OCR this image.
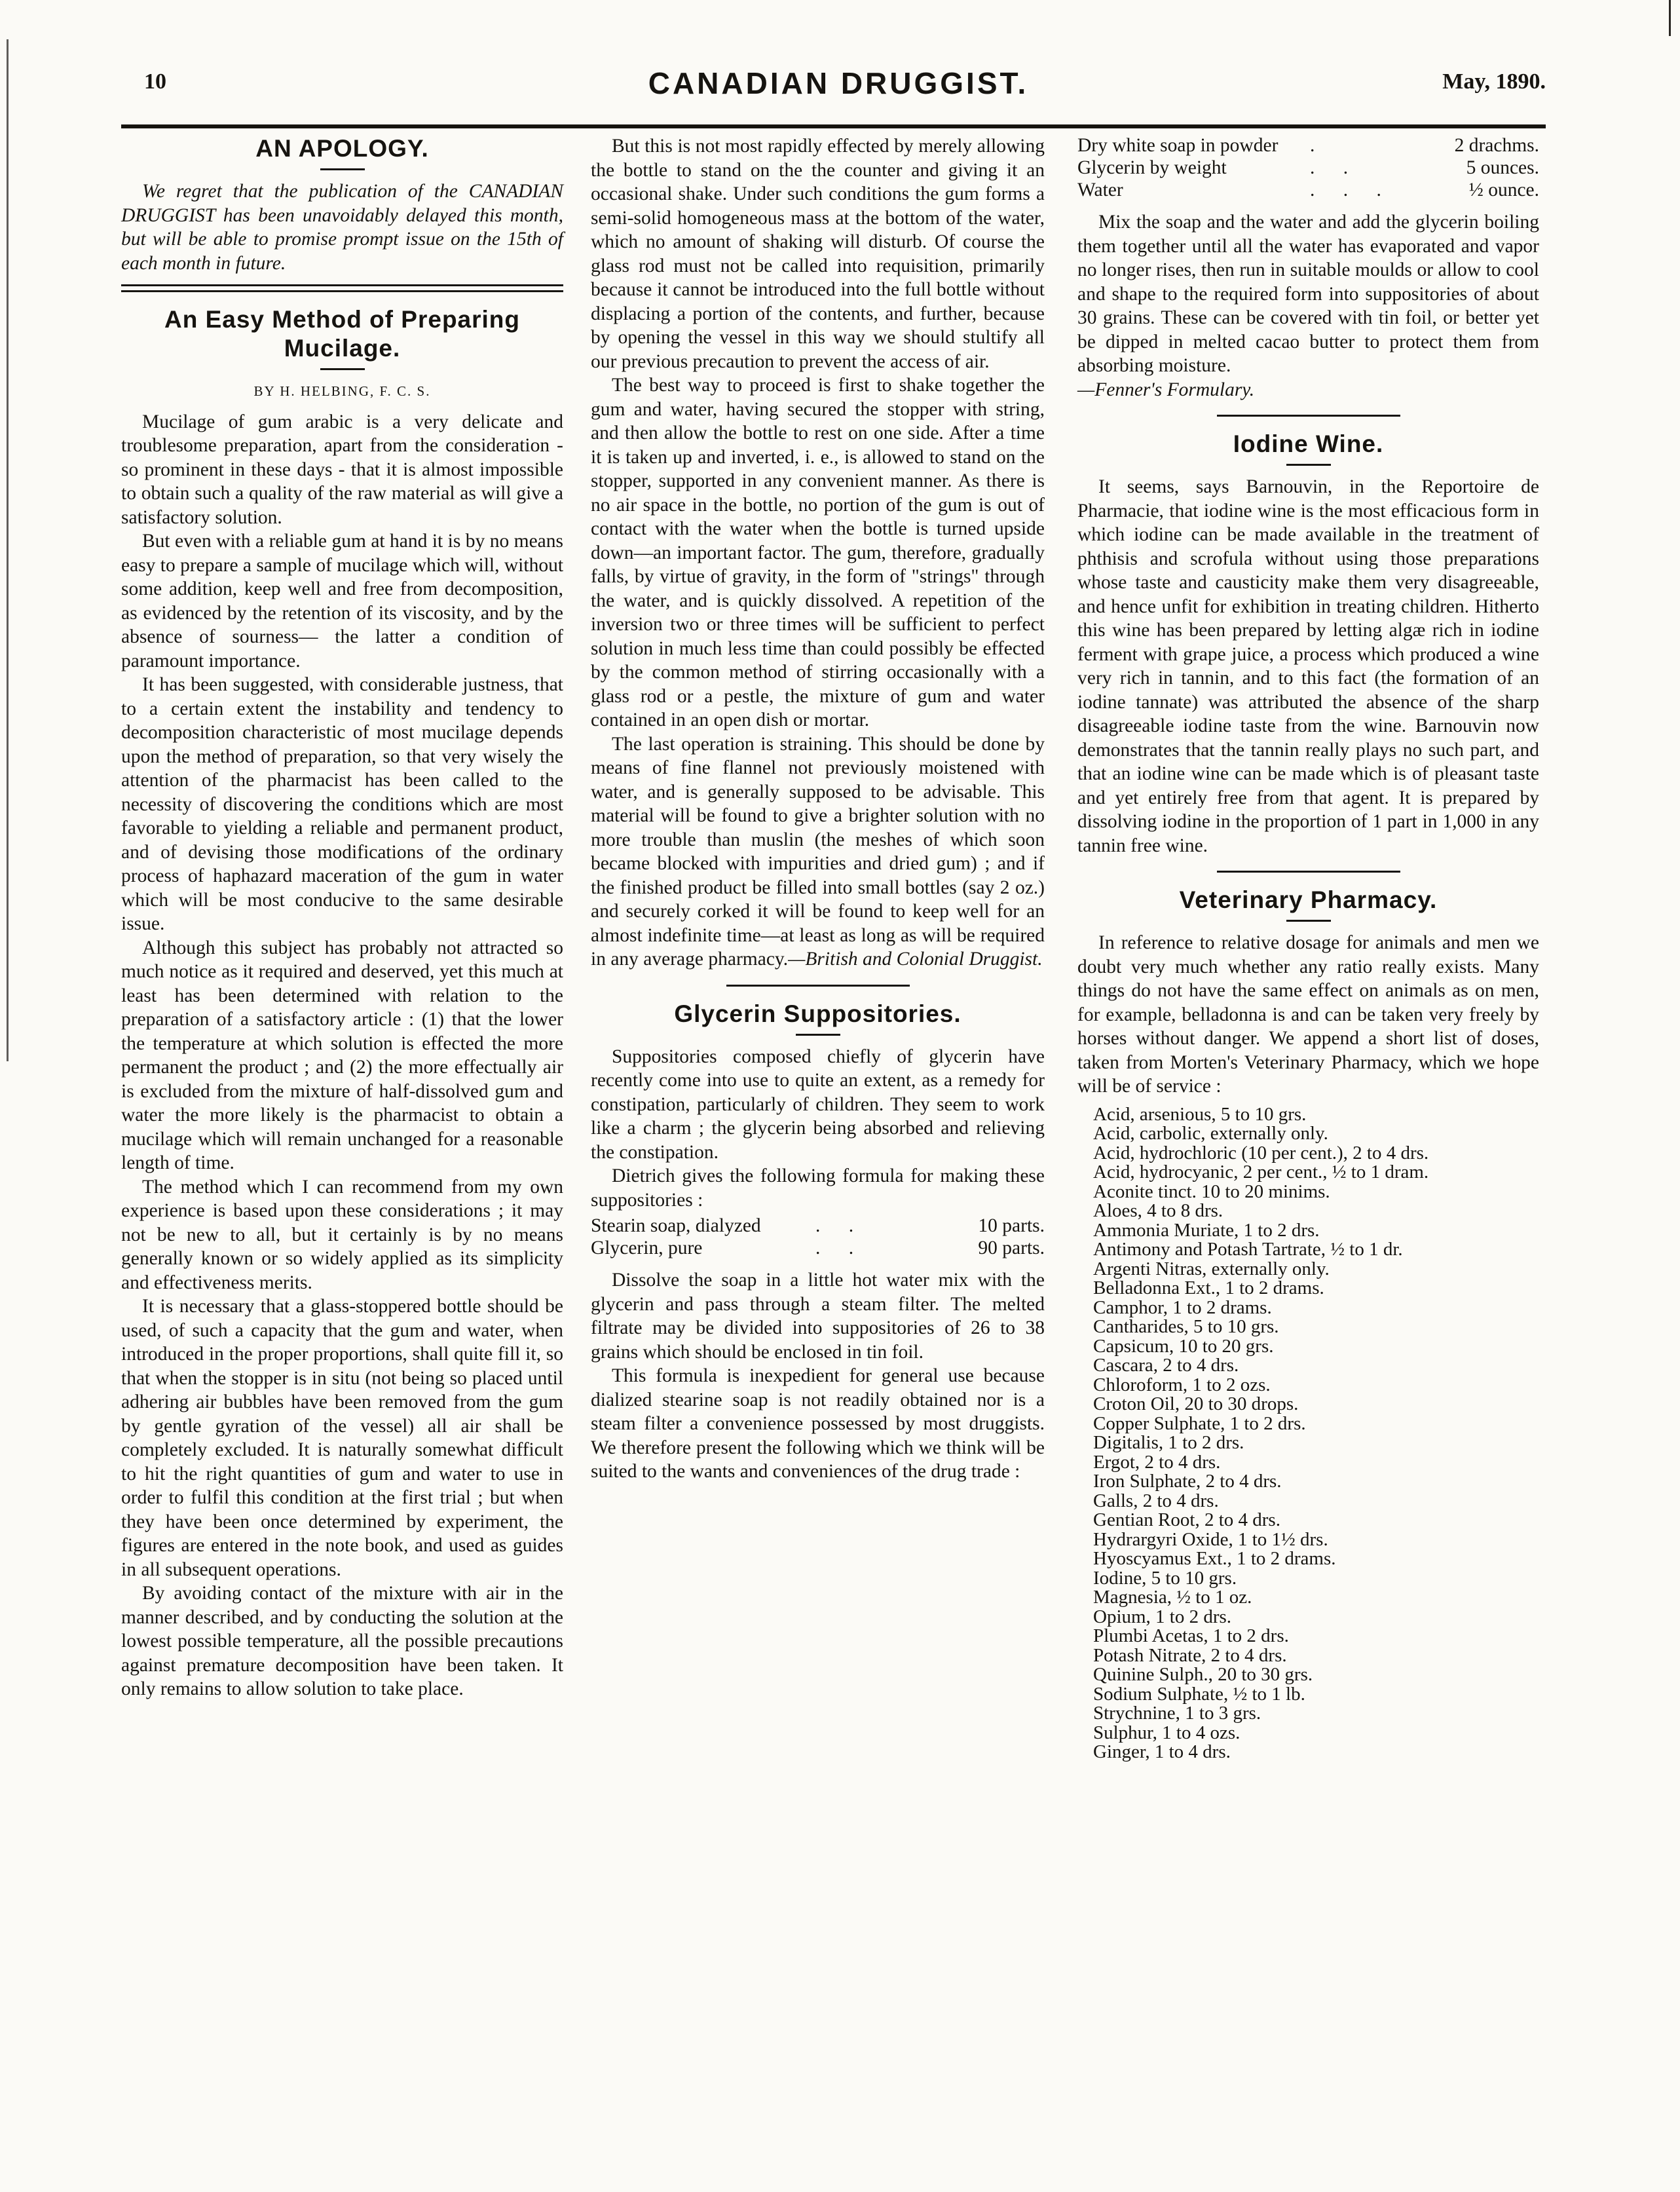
10	CANADIAN DRUGGIST.	May, 1890.
AN APOLOGY.

We regret that the publication of the CANADIAN DRUGGIST has been unavoidably delayed this month, but will be able to promise prompt issue on the 15th of each month in future.

An Easy Method of Preparing Mucilage.
BY H. HELBING, F. C. S.

Mucilage of gum arabic is a very delicate and troublesome preparation, apart from the consideration -so prominent in these days - that it is almost impossible to obtain such a quality of the raw material as will give a satisfactory solution.

But even with a reliable gum at hand it is by no means easy to prepare a sample of mucilage which will, without some addition, keep well and free from decomposition, as evidenced by the retention of its viscosity, and by the absence of sourness— the latter a condition of paramount importance.

It has been suggested, with considerable justness, that to a certain extent the instability and tendency to decomposition characteristic of most mucilage depends upon the method of preparation, so that very wisely the attention of the pharmacist has been called to the necessity of discovering the conditions which are most favorable to yielding a reliable and permanent product, and of devising those modifications of the ordinary process of haphazard maceration of the gum in water which will be most conducive to the same desirable issue.

Although this subject has probably not attracted so much notice as it required and deserved, yet this much at least has been determined with relation to the preparation of a satisfactory article : (1) that the lower the temperature at which solution is effected the more permanent the product ; and (2) the more effectually air is excluded from the mixture of half-dissolved gum and water the more likely is the pharmacist to obtain a mucilage which will remain unchanged for a reasonable length of time.

The method which I can recommend from my own experience is based upon these considerations ; it may not be new to all, but it certainly is by no means generally known or so widely applied as its simplicity and effectiveness merits.

It is necessary that a glass-stoppered bottle should be used, of such a capacity that the gum and water, when introduced in the proper proportions, shall quite fill it, so that when the stopper is in situ (not being so placed until adhering air bubbles have been removed from the gum by gentle gyration of the vessel) all air shall be completely excluded. It is naturally somewhat difficult to hit the right quantities of gum and water to use in order to fulfil this condition at the first trial ; but when they have been once determined by experiment, the figures are entered in the note book, and used as guides in all subsequent operations.

By avoiding contact of the mixture with air in the manner described, and by conducting the solution at the lowest possible temperature, all the possible precautions against premature decomposition have been taken. It only remains to allow solution to take place.

But this is not most rapidly effected by merely allowing the bottle to stand on the the counter and giving it an occasional shake. Under such conditions the gum forms a semi-solid homogeneous mass at the bottom of the water, which no amount of shaking will disturb. Of course the glass rod must not be called into requisition, primarily because it cannot be introduced into the full bottle without displacing a portion of the contents, and further, because by opening the vessel in this way we should stultify all our previous precaution to prevent the access of air.

The best way to proceed is first to shake together the gum and water, having secured the stopper with string, and then allow the bottle to rest on one side. After a time it is taken up and inverted, i. e., is allowed to stand on the stopper, supported in any convenient manner. As there is no air space in the bottle, no portion of the gum is out of contact with the water when the bottle is turned upside down—an important factor. The gum, therefore, gradually falls, by virtue of gravity, in the form of "strings" through the water, and is quickly dissolved. A repetition of the inversion two or three times will be sufficient to perfect solution in much less time than could possibly be effected by the common method of stirring occasionally with a glass rod or a pestle, the mixture of gum and water contained in an open dish or mortar.

The last operation is straining. This should be done by means of fine flannel not previously moistened with water, and is generally supposed to be advisable. This material will be found to give a brighter solution with no more trouble than muslin (the meshes of which soon became blocked with impurities and dried gum) ; and if the finished product be filled into small bottles (say 2 oz.) and securely corked it will be found to keep well for an almost indefinite time—at least as long as will be required in any average pharmacy.—British and Colonial Druggist.

Glycerin Suppositories.

Suppositories composed chiefly of glycerin have recently come into use to quite an extent, as a remedy for constipation, particularly of children. They seem to work like a charm ; the glycerin being absorbed and relieving the constipation.

Dietrich gives the following formula for making these suppositories :

Stearin soap, dialyzed	. .	10 parts.
Glycerin, pure	. .	90 parts.

Dissolve the soap in a little hot water mix with the glycerin and pass through a steam filter. The melted filtrate may be divided into suppositories of 26 to 38 grains which should be enclosed in tin foil.

This formula is inexpedient for general use because dialized stearine soap is not readily obtained nor is a steam filter a convenience possessed by most druggists. We therefore present the following which we think will be suited to the wants and conveniences of the drug trade :

Dry white soap in powder	.	2 drachms.
Glycerin by weight	. .	5 ounces.
Water	. . .	½ ounce.

Mix the soap and the water and add the glycerin boiling them together until all the water has evaporated and vapor no longer rises, then run in suitable moulds or allow to cool and shape to the required form into suppositories of about 30 grains. These can be covered with tin foil, or better yet be dipped in melted cacao butter to protect them from absorbing moisture.

—Fenner's Formulary.

Iodine Wine.

It seems, says Barnouvin, in the Reportoire de Pharmacie, that iodine wine is the most efficacious form in which iodine can be made available in the treatment of phthisis and scrofula without using those preparations whose taste and causticity make them very disagreeable, and hence unfit for exhibition in treating children. Hitherto this wine has been prepared by letting algæ rich in iodine ferment with grape juice, a process which produced a wine very rich in tannin, and to this fact (the formation of an iodine tannate) was attributed the absence of the sharp disagreeable iodine taste from the wine. Barnouvin now demonstrates that the tannin really plays no such part, and that an iodine wine can be made which is of pleasant taste and yet entirely free from that agent. It is prepared by dissolving iodine in the proportion of 1 part in 1,000 in any tannin free wine.

Veterinary Pharmacy.

In reference to relative dosage for animals and men we doubt very much whether any ratio really exists. Many things do not have the same effect on animals as on men, for example, belladonna is and can be taken very freely by horses without danger. We append a short list of doses, taken from Morten's Veterinary Pharmacy, which we hope will be of service :

Acid, arsenious, 5 to 10 grs.
Acid, carbolic, externally only.
Acid, hydrochloric (10 per cent.), 2 to 4 drs.
Acid, hydrocyanic, 2 per cent., ½ to 1 dram.
Aconite tinct. 10 to 20 minims.
Aloes, 4 to 8 drs.
Ammonia Muriate, 1 to 2 drs.
Antimony and Potash Tartrate, ½ to 1 dr.
Argenti Nitras, externally only.
Belladonna Ext., 1 to 2 drams.
Camphor, 1 to 2 drams.
Cantharides, 5 to 10 grs.
Capsicum, 10 to 20 grs.
Cascara, 2 to 4 drs.
Chloroform, 1 to 2 ozs.
Croton Oil, 20 to 30 drops.
Copper Sulphate, 1 to 2 drs.
Digitalis, 1 to 2 drs.
Ergot, 2 to 4 drs.
Iron Sulphate, 2 to 4 drs.
Galls, 2 to 4 drs.
Gentian Root, 2 to 4 drs.
Hydrargyri Oxide, 1 to 1½ drs.
Hyoscyamus Ext., 1 to 2 drams.
Iodine, 5 to 10 grs.
Magnesia, ½ to 1 oz.
Opium, 1 to 2 drs.
Plumbi Acetas, 1 to 2 drs.
Potash Nitrate, 2 to 4 drs.
Quinine Sulph., 20 to 30 grs.
Sodium Sulphate, ½ to 1 lb.
Strychnine, 1 to 3 grs.
Sulphur, 1 to 4 ozs.
Ginger, 1 to 4 drs.
